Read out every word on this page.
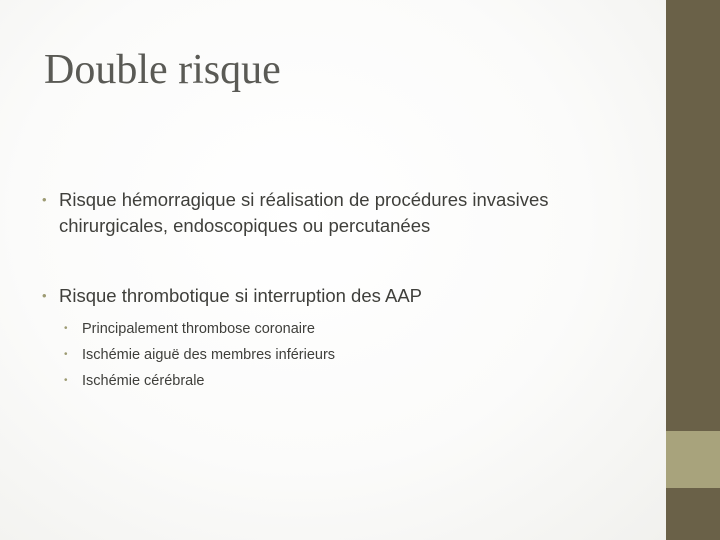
Double risque
• Risque hémorragique si réalisation de procédures invasives chirurgicales, endoscopiques ou percutanées
• Risque thrombotique si interruption des AAP
• Principalement thrombose coronaire
• Ischémie aiguë des membres inférieurs
• Ischémie cérébrale
